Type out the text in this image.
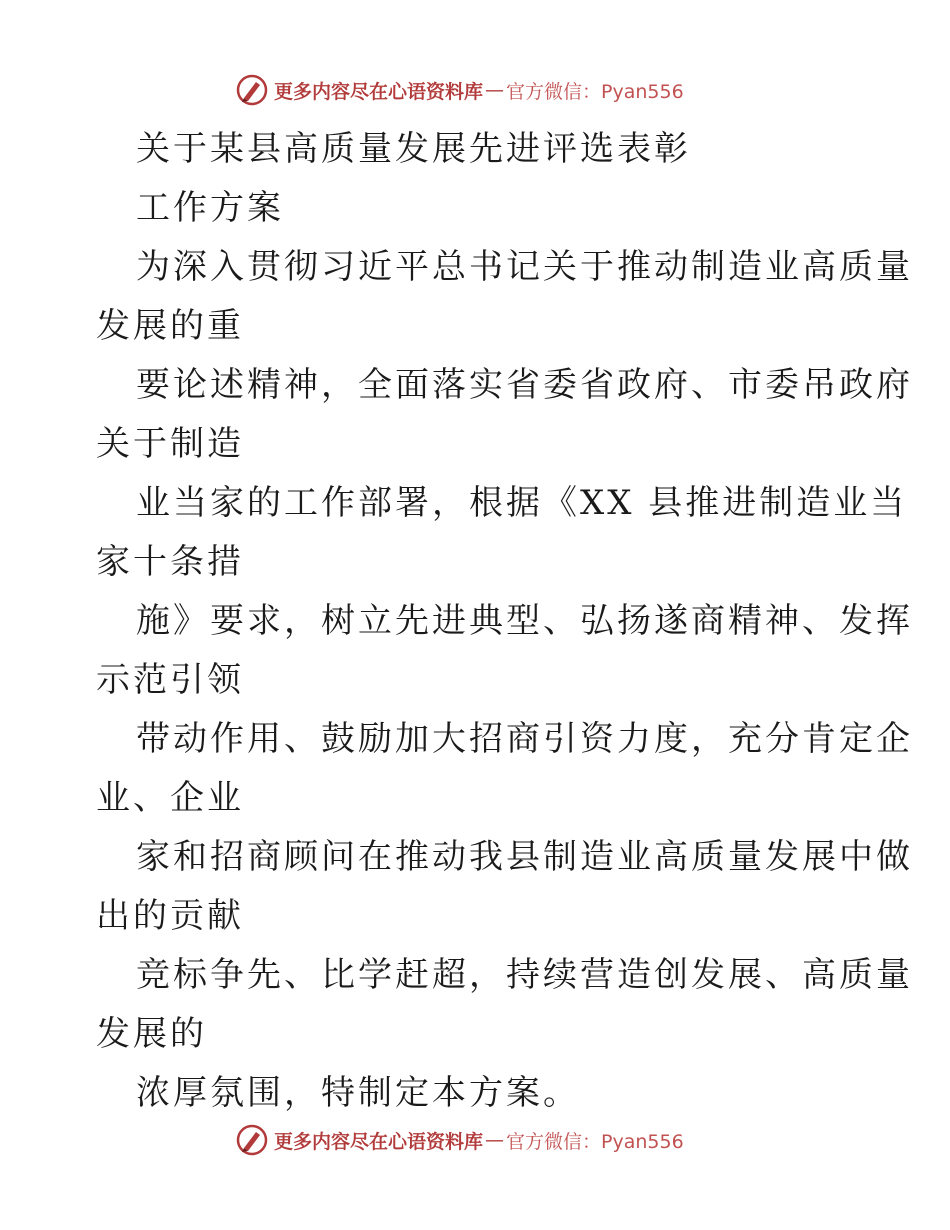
更多内容尽在心语资料库 — 官方微信：Pyan556
关于某县高质量发展先进评选表彰
工作方案
为深入贯彻习近平总书记关于推动制造业高质量
发展的重
要论述精神，全面落实省委省政府、市委吊政府
关于制造
业当家的工作部署，根据《XX 县推进制造业当
家十条措
施》要求，树立先进典型、弘扬遂商精神、发挥
示范引领
带动作用、鼓励加大招商引资力度，充分肯定企
业、企业
家和招商顾问在推动我县制造业高质量发展中做
出的贡献
竞标争先、比学赶超，持续营造创发展、高质量
发展的
浓厚氛围，特制定本方案。
更多内容尽在心语资料库 — 官方微信：Pyan556
